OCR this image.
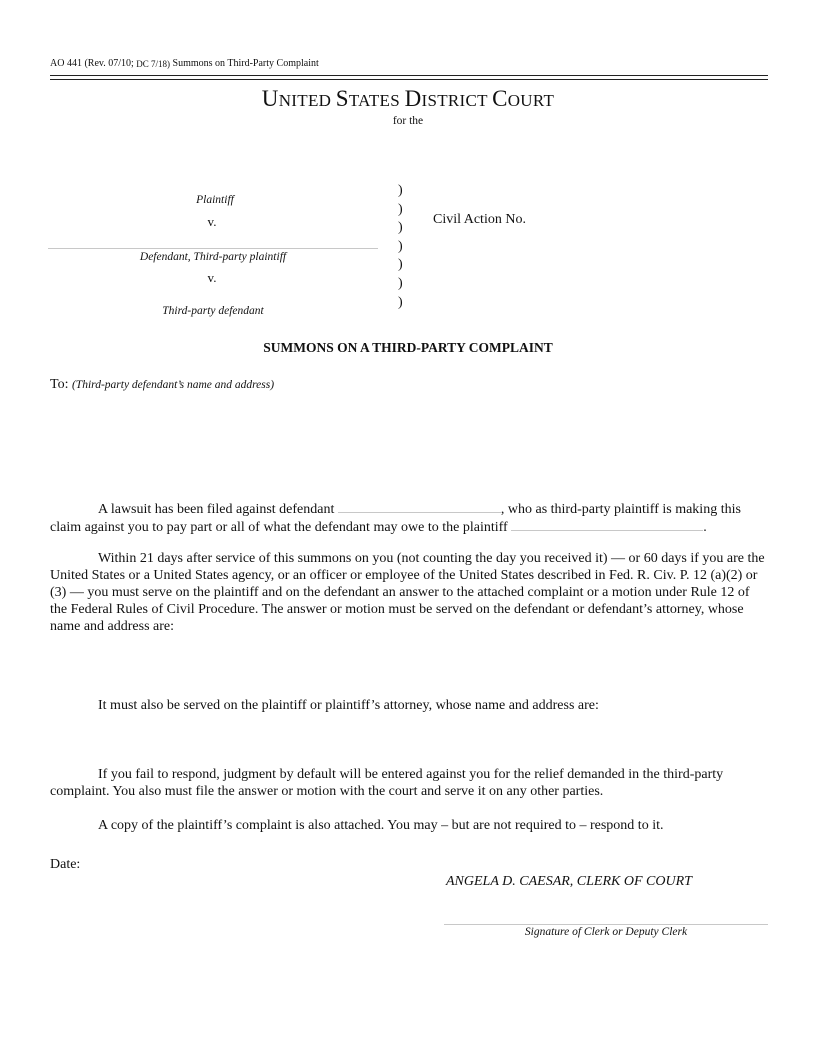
AO 441 (Rev. 07/10; DC 7/18) Summons on Third-Party Complaint
UNITED STATES DISTRICT COURT
for the
Plaintiff
v.
Defendant, Third-party plaintiff
v.
Third-party defendant
)
)
)
)
)
)
)
Civil Action No.
SUMMONS ON A THIRD-PARTY COMPLAINT
To: (Third-party defendant’s name and address)
A lawsuit has been filed against defendant	, who as third-party plaintiff is making this claim against you to pay part or all of what the defendant may owe to the plaintiff	.
Within 21 days after service of this summons on you (not counting the day you received it) — or 60 days if you are the United States or a United States agency, or an officer or employee of the United States described in Fed. R. Civ. P. 12 (a)(2) or (3) — you must serve on the plaintiff and on the defendant an answer to the attached complaint or a motion under Rule 12 of the Federal Rules of Civil Procedure. The answer or motion must be served on the defendant or defendant’s attorney, whose name and address are:
It must also be served on the plaintiff or plaintiff’s attorney, whose name and address are:
If you fail to respond, judgment by default will be entered against you for the relief demanded in the third-party complaint. You also must file the answer or motion with the court and serve it on any other parties.
A copy of the plaintiff’s complaint is also attached. You may – but are not required to – respond to it.
Date:
ANGELA D. CAESAR, CLERK OF COURT
Signature of Clerk or Deputy Clerk
